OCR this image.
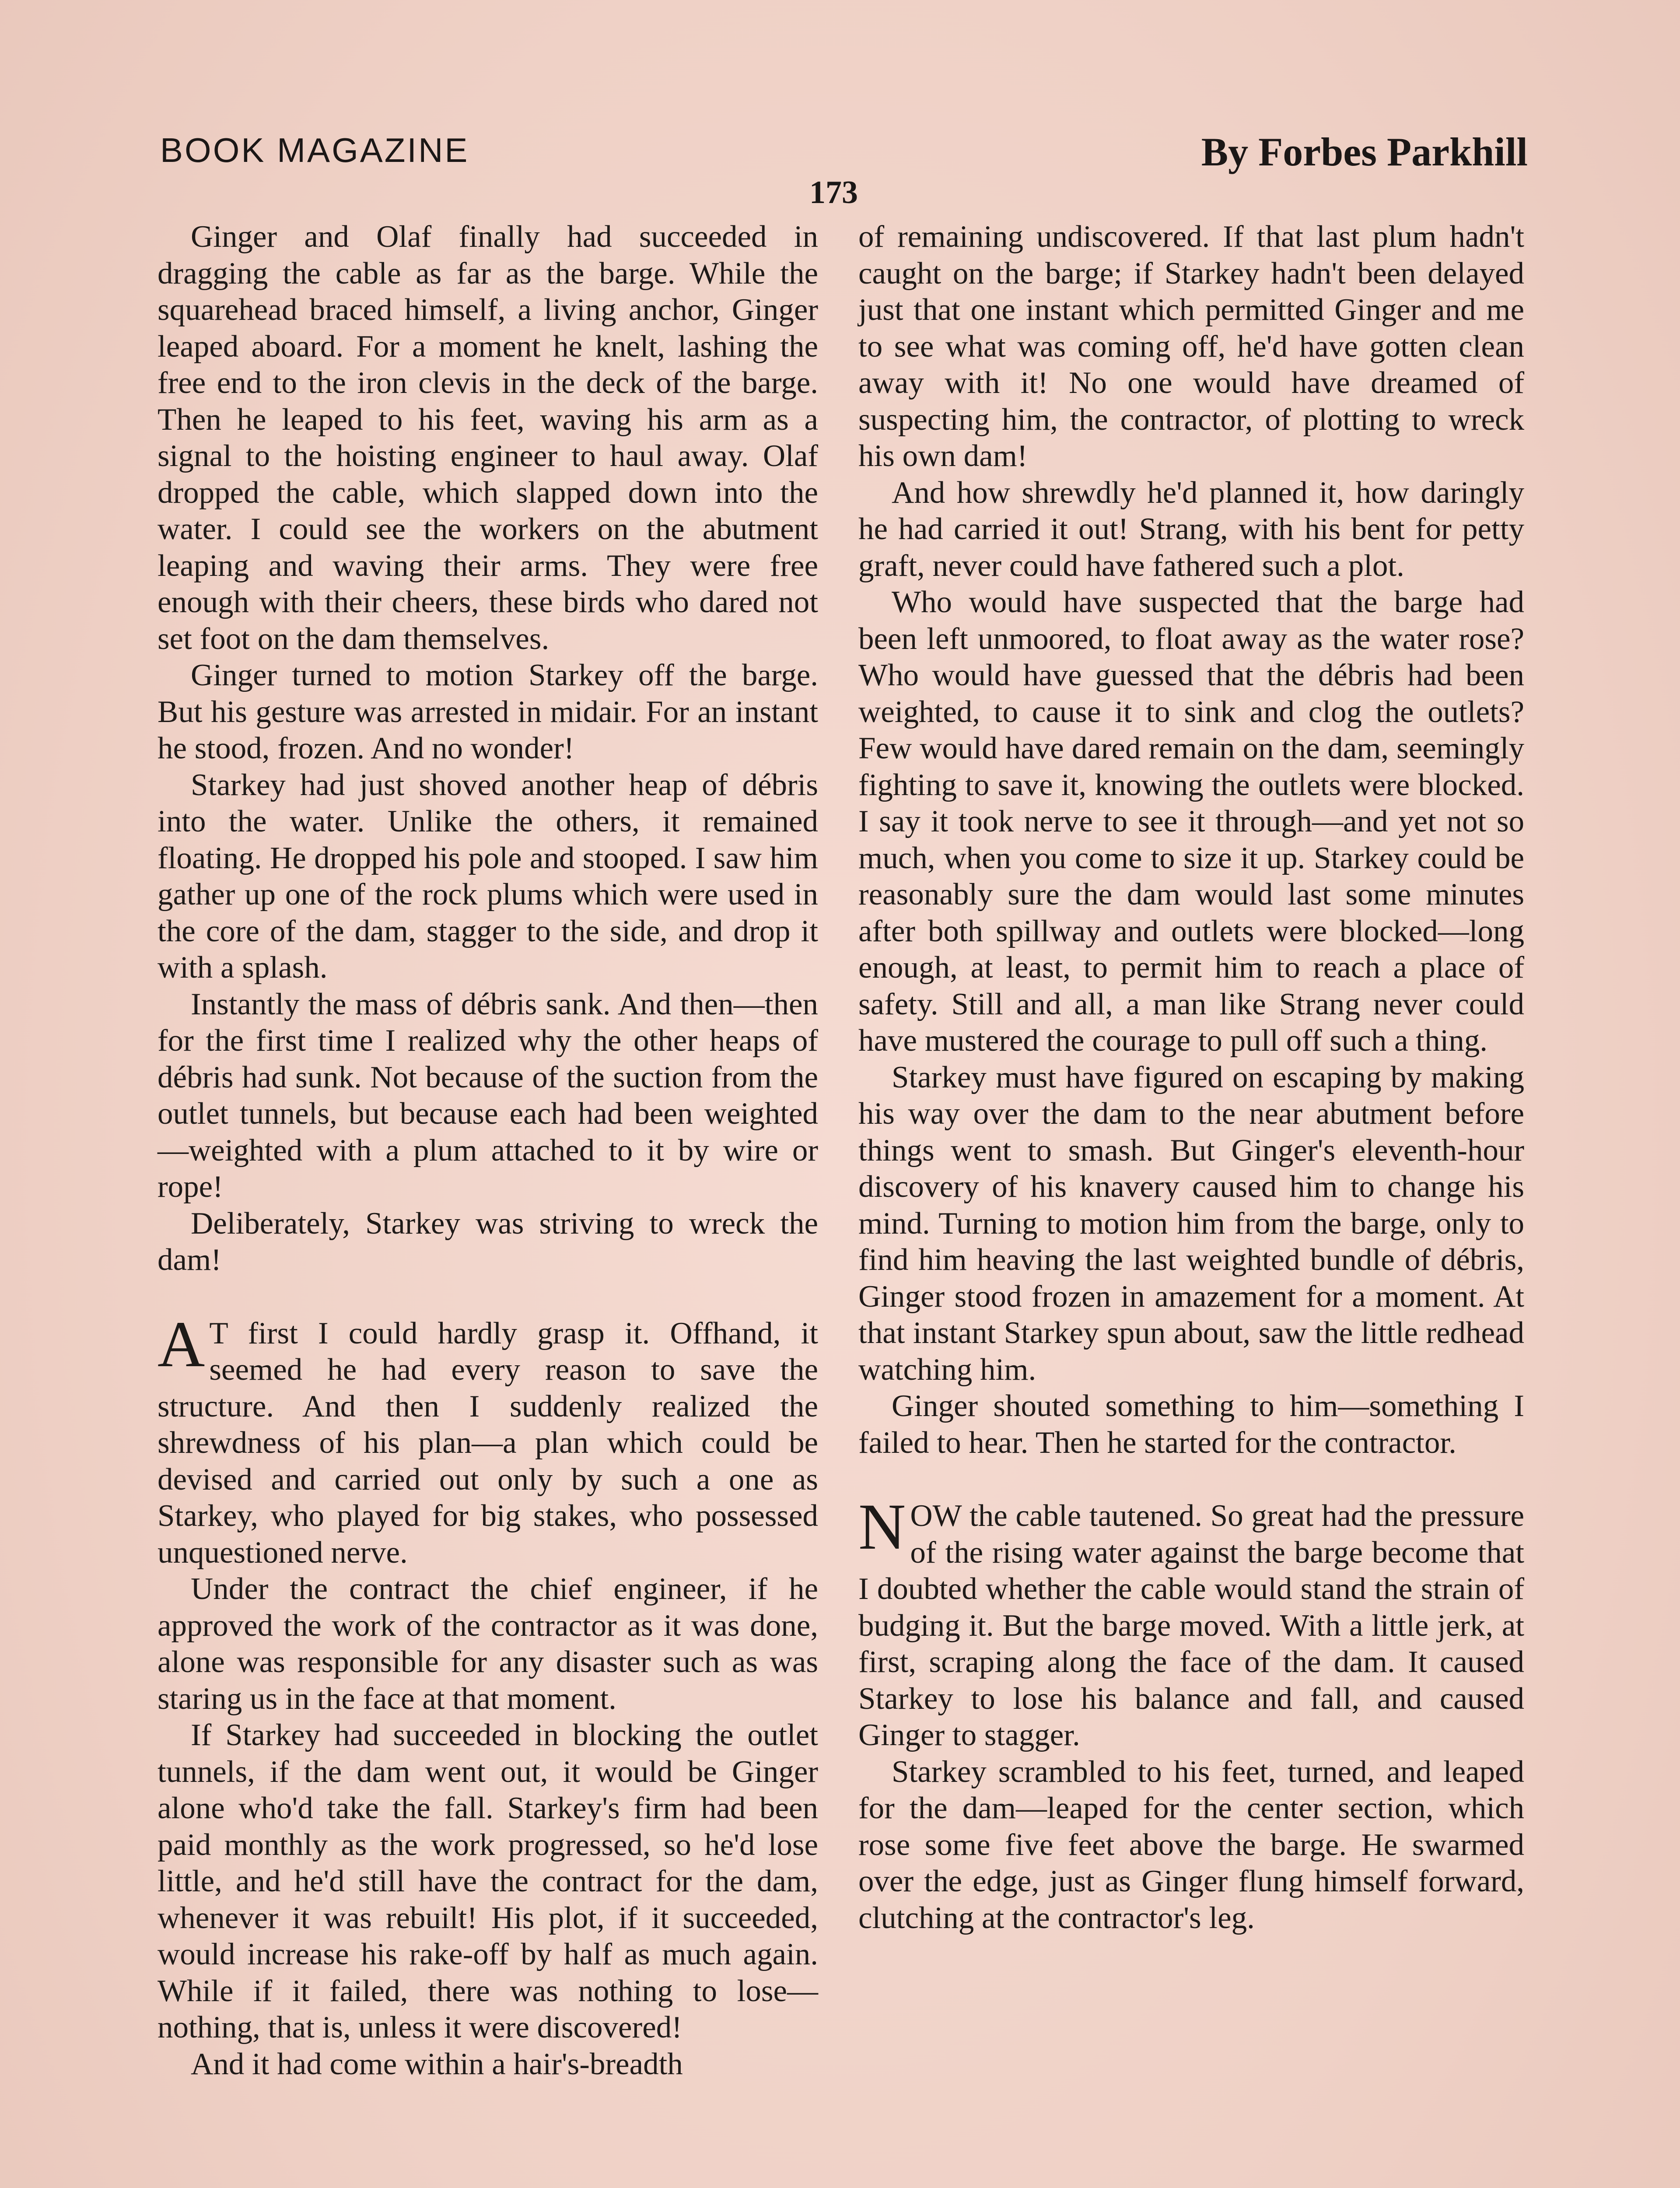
BOOK MAGAZINE	By Forbes Parkhill
173

Ginger and Olaf finally had succeeded in dragging the cable as far as the barge. While the squarehead braced himself, a living anchor, Ginger leaped aboard. For a moment he knelt, lashing the free end to the iron clevis in the deck of the barge. Then he leaped to his feet, waving his arm as a signal to the hoisting engineer to haul away. Olaf dropped the cable, which slapped down into the water. I could see the workers on the abutment leaping and waving their arms. They were free enough with their cheers, these birds who dared not set foot on the dam themselves.

Ginger turned to motion Starkey off the barge. But his gesture was arrested in midair. For an instant he stood, frozen. And no wonder!

Starkey had just shoved another heap of débris into the water. Unlike the others, it remained floating. He dropped his pole and stooped. I saw him gather up one of the rock plums which were used in the core of the dam, stagger to the side, and drop it with a splash.

Instantly the mass of débris sank. And then—then for the first time I realized why the other heaps of débris had sunk. Not because of the suction from the outlet tunnels, but because each had been weighted—weighted with a plum attached to it by wire or rope!

Deliberately, Starkey was striving to wreck the dam!

A T first I could hardly grasp it. Offhand, it seemed he had every reason to save the structure. And then I suddenly realized the shrewdness of his plan—a plan which could be devised and carried out only by such a one as Starkey, who played for big stakes, who possessed unquestioned nerve.

Under the contract the chief engineer, if he approved the work of the contractor as it was done, alone was responsible for any disaster such as was staring us in the face at that moment.

If Starkey had succeeded in blocking the outlet tunnels, if the dam went out, it would be Ginger alone who'd take the fall. Starkey's firm had been paid monthly as the work progressed, so he'd lose little, and he'd still have the contract for the dam, whenever it was rebuilt! His plot, if it succeeded, would increase his rake-off by half as much again. While if it failed, there was nothing to lose—nothing, that is, unless it were discovered!

And it had come within a hair's-breadth

of remaining undiscovered. If that last plum hadn't caught on the barge; if Starkey hadn't been delayed just that one instant which permitted Ginger and me to see what was coming off, he'd have gotten clean away with it! No one would have dreamed of suspecting him, the contractor, of plotting to wreck his own dam!

And how shrewdly he'd planned it, how daringly he had carried it out! Strang, with his bent for petty graft, never could have fathered such a plot.

Who would have suspected that the barge had been left unmoored, to float away as the water rose? Who would have guessed that the débris had been weighted, to cause it to sink and clog the outlets? Few would have dared remain on the dam, seemingly fighting to save it, knowing the outlets were blocked. I say it took nerve to see it through—and yet not so much, when you come to size it up. Starkey could be reasonably sure the dam would last some minutes after both spillway and outlets were blocked—long enough, at least, to permit him to reach a place of safety. Still and all, a man like Strang never could have mustered the courage to pull off such a thing.

Starkey must have figured on escaping by making his way over the dam to the near abutment before things went to smash. But Ginger's eleventh-hour discovery of his knavery caused him to change his mind. Turning to motion him from the barge, only to find him heaving the last weighted bundle of débris, Ginger stood frozen in amazement for a moment. At that instant Starkey spun about, saw the little redhead watching him.

Ginger shouted something to him—something I failed to hear. Then he started for the contractor.

NOW the cable tautened. So great had the pressure of the rising water against the barge become that I doubted whether the cable would stand the strain of budging it. But the barge moved. With a little jerk, at first, scraping along the face of the dam. It caused Starkey to lose his balance and fall, and caused Ginger to stagger.

Starkey scrambled to his feet, turned, and leaped for the dam—leaped for the center section, which rose some five feet above the barge. He swarmed over the edge, just as Ginger flung himself forward, clutching at the contractor's leg.
